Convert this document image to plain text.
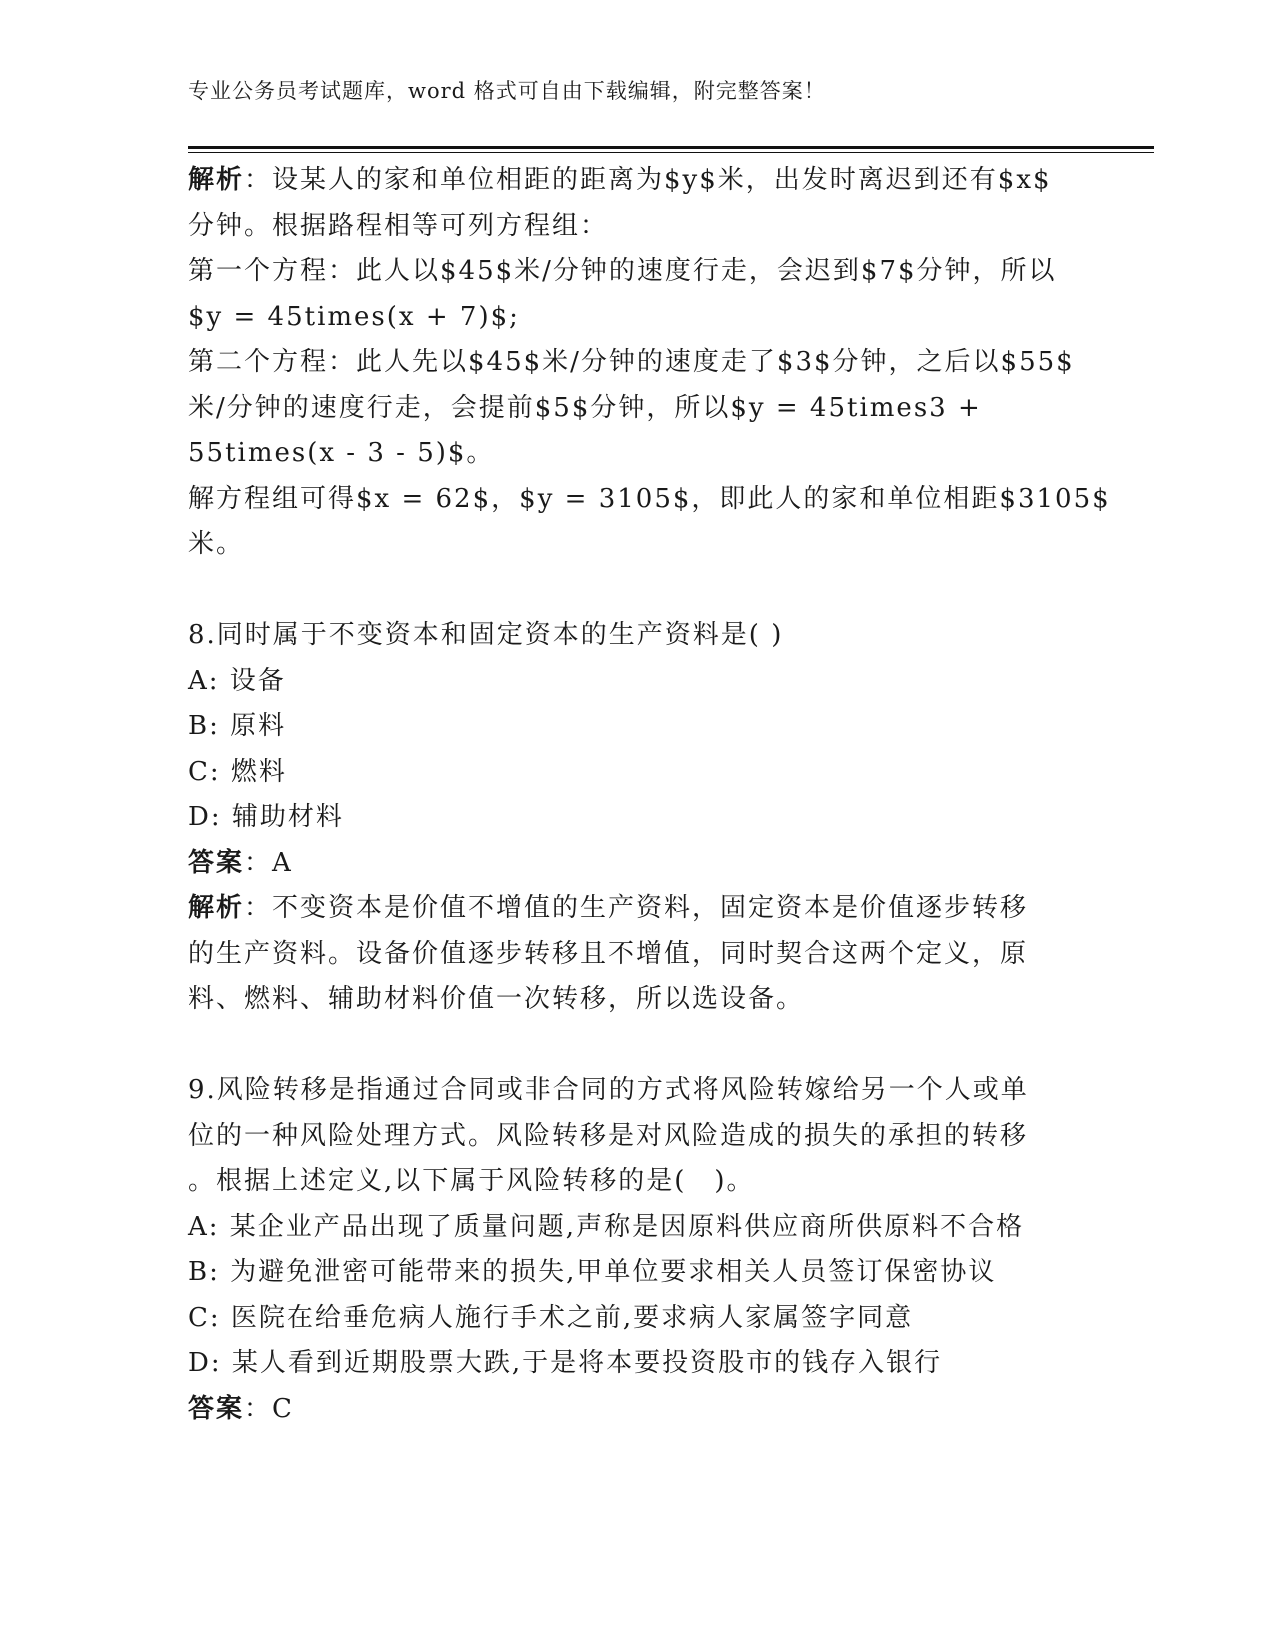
专业公务员考试题库，word 格式可自由下载编辑，附完整答案！
解析：设某人的家和单位相距的距离为$y$米，出发时离迟到还有$x$
分钟。根据路程相等可列方程组：
第一个方程：此人以$45$米/分钟的速度行走，会迟到$7$分钟，所以
$y = 45times(x + 7)$;
第二个方程：此人先以$45$米/分钟的速度走了$3$分钟，之后以$55$
米/分钟的速度行走，会提前$5$分钟，所以$y = 45times3 +
55times(x - 3 - 5)$。
解方程组可得$x = 62$，$y = 3105$，即此人的家和单位相距$3105$
米。
8.同时属于不变资本和固定资本的生产资料是( )
A: 设备
B: 原料
C: 燃料
D: 辅助材料
答案：A
解析：不变资本是价值不增值的生产资料，固定资本是价值逐步转移
的生产资料。设备价值逐步转移且不增值，同时契合这两个定义，原
料、燃料、辅助材料价值一次转移，所以选设备。
9.风险转移是指通过合同或非合同的方式将风险转嫁给另一个人或单
位的一种风险处理方式。风险转移是对风险造成的损失的承担的转移
。根据上述定义,以下属于风险转移的是(　)。
A: 某企业产品出现了质量问题,声称是因原料供应商所供原料不合格
B: 为避免泄密可能带来的损失,甲单位要求相关人员签订保密协议
C: 医院在给垂危病人施行手术之前,要求病人家属签字同意
D: 某人看到近期股票大跌,于是将本要投资股市的钱存入银行
答案：C
